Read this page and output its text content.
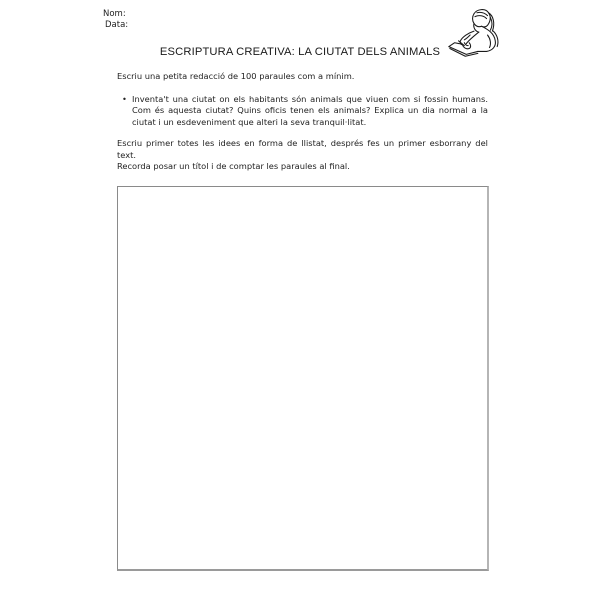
Nom:
Data:
ESCRIPTURA CREATIVA: LA CIUTAT DELS ANIMALS

Escriu una petita redacció de 100 paraules com a mínim.

• Inventa't una ciutat on els habitants són animals que viuen com si fossin humans. Com és aquesta ciutat? Quins oficis tenen els animals? Explica un dia normal a la ciutat i un esdeveniment que alteri la seva tranquil·litat.

Escriu primer totes les idees en forma de llistat, després fes un primer esborrany del text.

Recorda posar un títol i de comptar les paraules al final.
